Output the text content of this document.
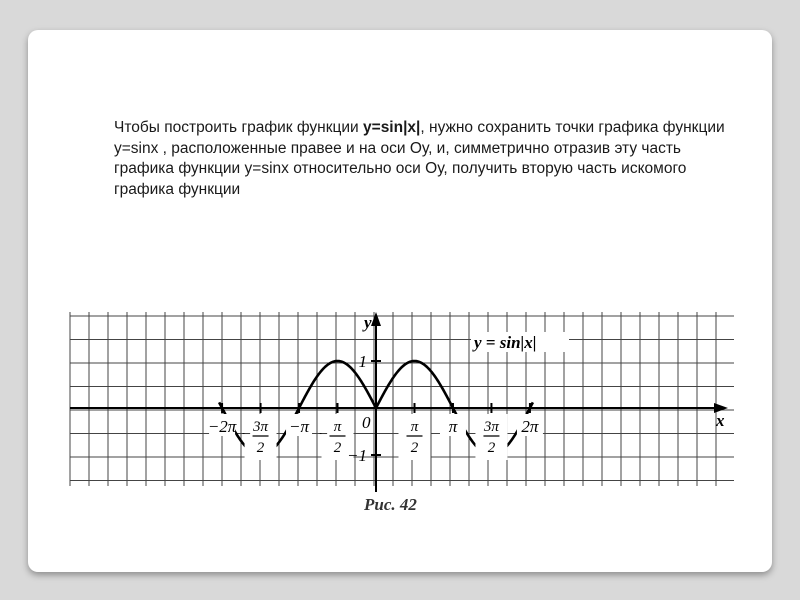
Чтобы построить график функции y=sin|x|, нужно сохранить точки графика функции y=sinx , расположенные правее и на оси Оу, и, симметрично отразив эту часть графика функции y=sinx относительно оси Оу, получить вторую часть искомого графика функции
−2π − 3π
2
−π − π
2
π
2
π 3π
2
2π
1
−1
y = sin|x|
y
x
0
Рис. 42
